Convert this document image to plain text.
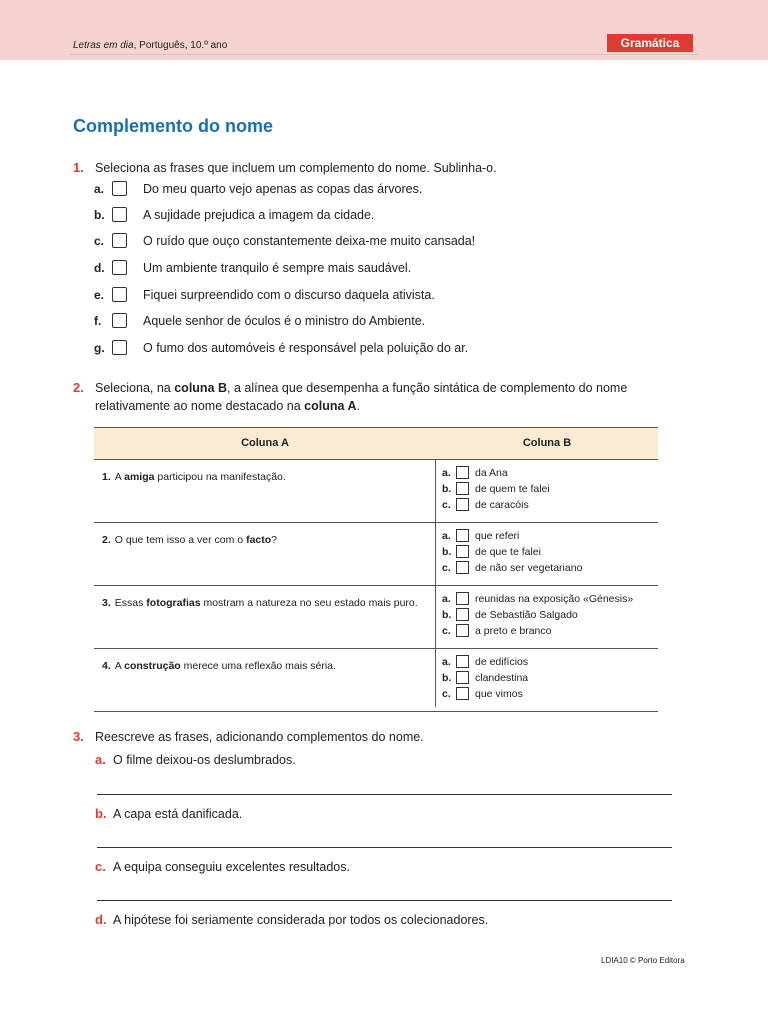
Letras em dia, Português, 10.º ano	Gramática
Complemento do nome
1. Seleciona as frases que incluem um complemento do nome. Sublinha-o.
a.	Do meu quarto vejo apenas as copas das árvores.
b.	A sujidade prejudica a imagem da cidade.
c.	O ruído que ouço constantemente deixa-me muito cansada!
d.	Um ambiente tranquilo é sempre mais saudável.
e.	Fiquei surpreendido com o discurso daquela ativista.
f.	Aquele senhor de óculos é o ministro do Ambiente.
g.	O fumo dos automóveis é responsável pela poluição do ar.
2. Seleciona, na coluna B, a alínea que desempenha a função sintática de complemento do nome
relativamente ao nome destacado na coluna A.
Coluna A	Coluna B
1. A amiga participou na manifestação.	a. da Ana
b. de quem te falei
c. de caracóis
2. O que tem isso a ver com o facto?	a. que referi
b. de que te falei
c. de não ser vegetariano
3. Essas fotografias mostram a natureza no seu estado mais puro.	a. reunidas na exposição «Génesis»
b. de Sebastião Salgado
c. a preto e branco
4. A construção merece uma reflexão mais séria.	a. de edifícios
b. clandestina
c. que vimos
3. Reescreve as frases, adicionando complementos do nome.
a. O filme deixou-os deslumbrados.
b. A capa está danificada.
c. A equipa conseguiu excelentes resultados.
d. A hipótese foi seriamente considerada por todos os colecionadores.
LDIA10 © Porto Editora
